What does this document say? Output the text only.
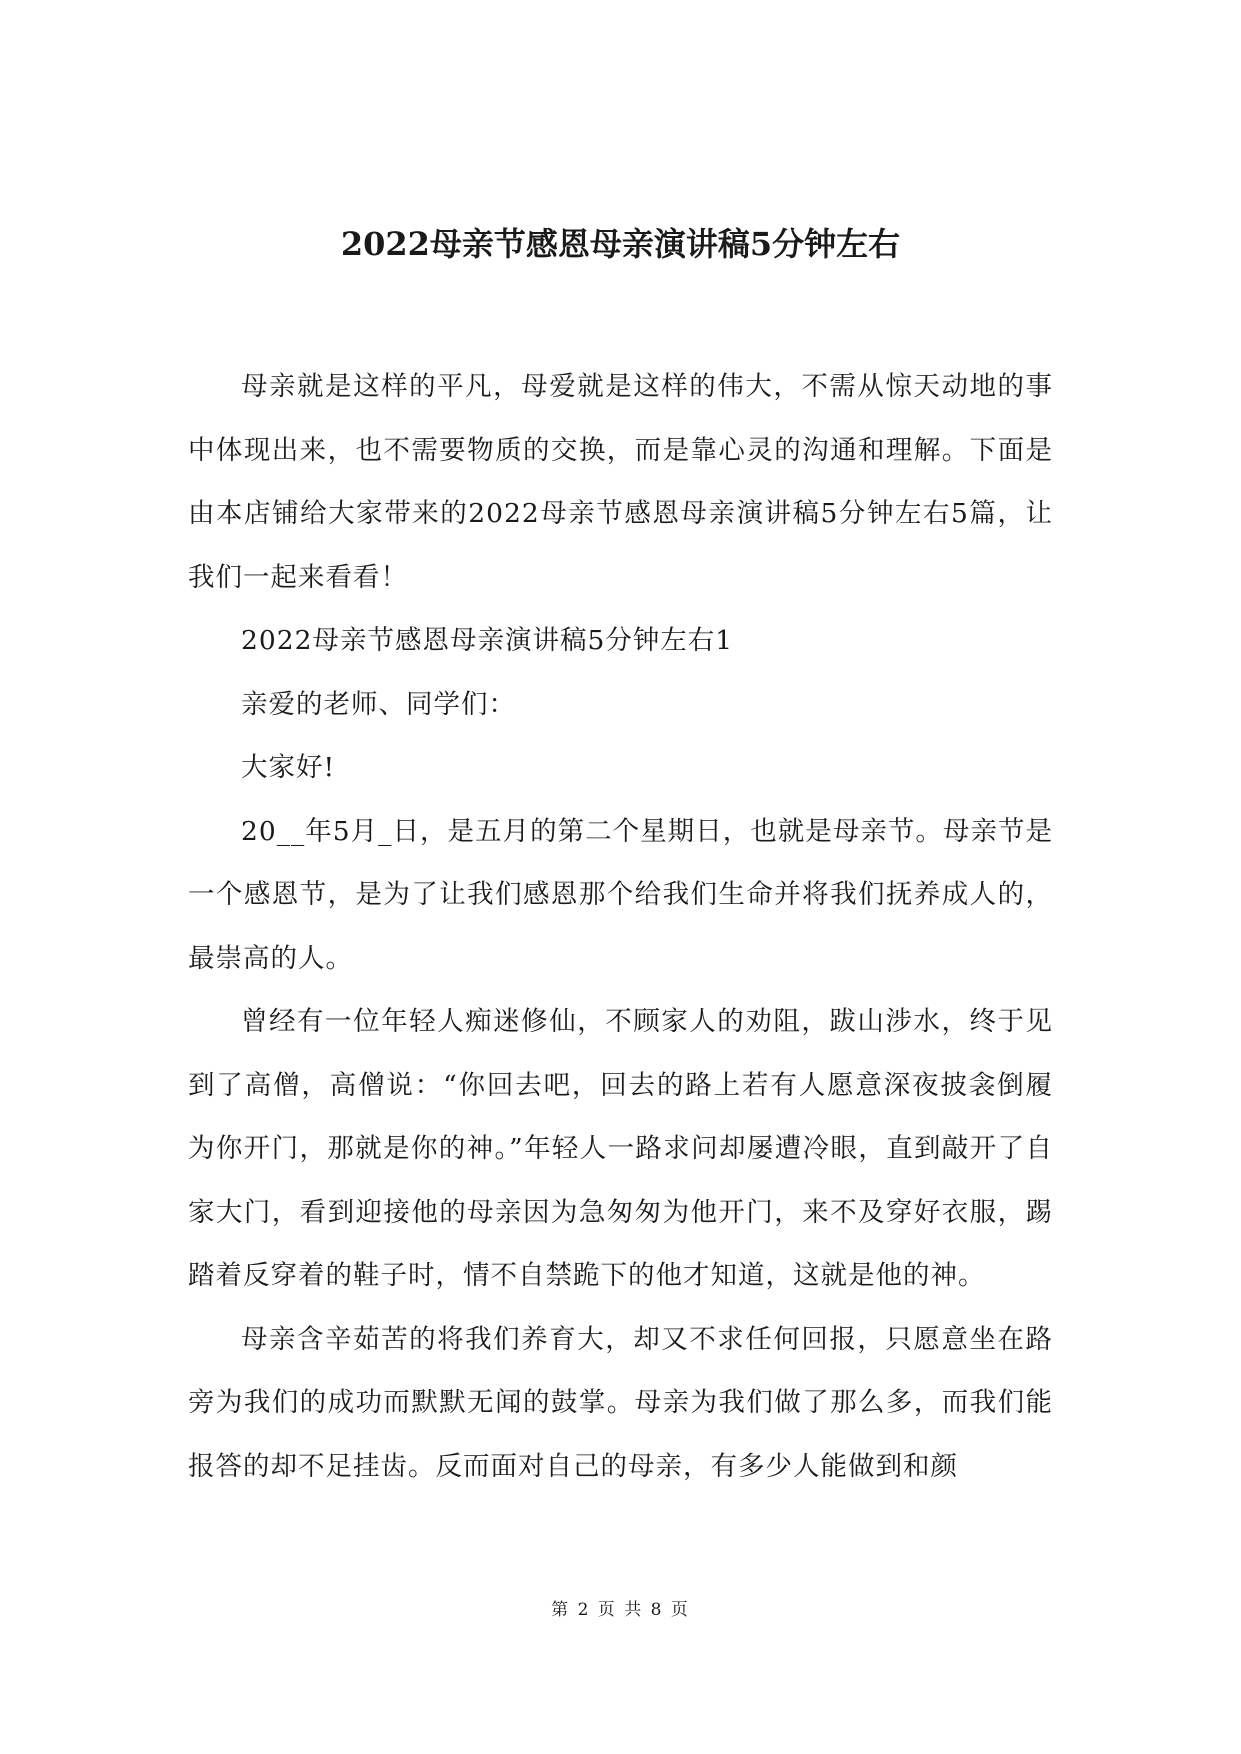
2022母亲节感恩母亲演讲稿5分钟左右

母亲就是这样的平凡，母爱就是这样的伟大，不需从惊天动地的事中体现出来，也不需要物质的交换，而是靠心灵的沟通和理解。下面是由本店铺给大家带来的2022母亲节感恩母亲演讲稿5分钟左右5篇，让我们一起来看看！

2022母亲节感恩母亲演讲稿5分钟左右1

亲爱的老师、同学们：

大家好!

20__年5月_日，是五月的第二个星期日，也就是母亲节。母亲节是一个感恩节，是为了让我们感恩那个给我们生命并将我们抚养成人的，最崇高的人。

曾经有一位年轻人痴迷修仙，不顾家人的劝阻，跋山涉水，终于见到了高僧，高僧说：“你回去吧，回去的路上若有人愿意深夜披衾倒履为你开门，那就是你的神。”年轻人一路求问却屡遭冷眼，直到敲开了自家大门，看到迎接他的母亲因为急匆匆为他开门，来不及穿好衣服，踢踏着反穿着的鞋子时，情不自禁跪下的他才知道，这就是他的神。

母亲含辛茹苦的将我们养育大，却又不求任何回报，只愿意坐在路旁为我们的成功而默默无闻的鼓掌。母亲为我们做了那么多，而我们能报答的却不足挂齿。反而面对自己的母亲，有多少人能做到和颜

第 2 页 共 8 页
